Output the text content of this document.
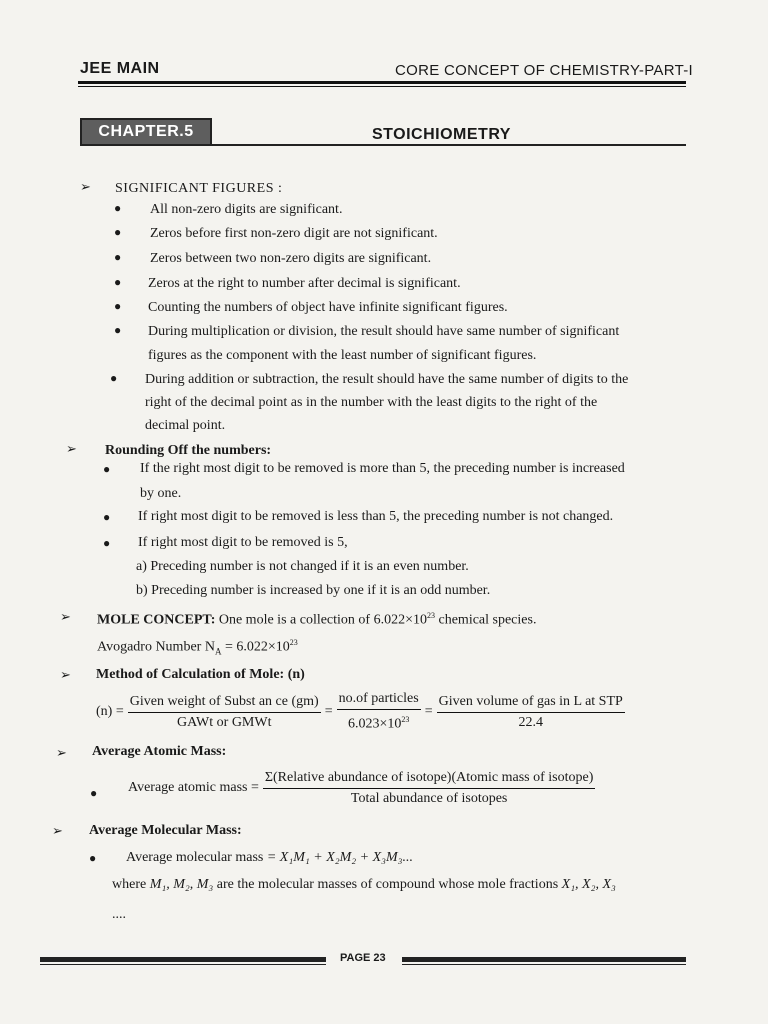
JEE MAIN	CORE CONCEPT OF CHEMISTRY-PART-I
CHAPTER.5	STOICHIOMETRY
➢ SIGNIFICANT FIGURES :
● All non-zero digits are significant.
● Zeros before first non-zero digit are not significant.
● Zeros between two non-zero digits are significant.
● Zeros at the right to number after decimal is significant.
● Counting the numbers of object have infinite significant figures.
● During multiplication or division, the result should have same number of significant
figures as the component with the least number of significant figures.
● During addition or subtraction, the result should have the same number of digits to the
right of the decimal point as in the number with the least digits to the right of the
decimal point.
➢ Rounding Off the numbers:
● If the right most digit to be removed is more than 5, the preceding number is increased
by one.
● If right most digit to be removed is less than 5, the preceding number is not changed.
● If right most digit to be removed is 5,
a) Preceding number is not changed if it is an even number.
b) Preceding number is increased by one if it is an odd number.
➢ MOLE CONCEPT: One mole is a collection of $6.022\times 10^{23}$ chemical species.
Avogadro Number $N_A = 6.022\times 10^{23}$
➢ Method of Calculation of Mole: (n)
$(n) = \frac{\text{Given weight of Subst an ce (gm)}}{\text{GAWt or GMWt}} = \frac{\text{no.of particles}}{6.023\times 10^{23}} = \frac{\text{Given volume of gas in L at STP}}{22.4}$
➢ Average Atomic Mass:
● Average atomic mass = $\frac{\text{Σ(Relative abundance of isotope)(Atomic mass of isotope)}}{\text{Total abundance of isotopes}}$
➢ Average Molecular Mass:
● Average molecular mass = X₁M₁ + X₂M₂ + X₃M₃...
where M₁, M₂, M₃ are the molecular masses of compound whose mole fractions X₁, X₂, X₃
....
PAGE 23
